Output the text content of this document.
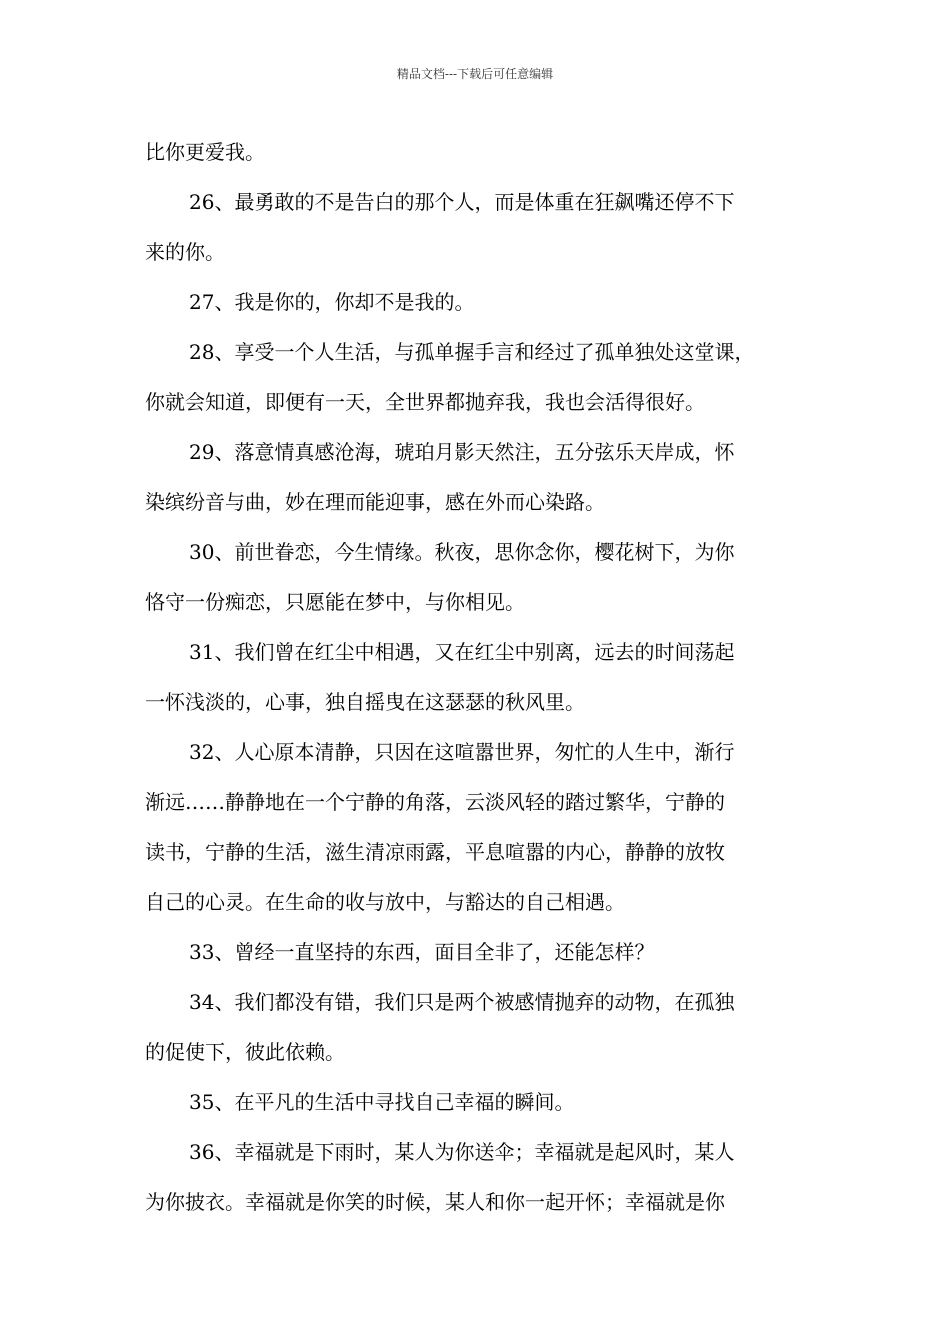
精品文档---下载后可任意编辑
比你更爱我。
26、最勇敢的不是告白的那个人，而是体重在狂飙嘴还停不下
来的你。
27、我是你的，你却不是我的。
28、享受一个人生活，与孤单握手言和经过了孤单独处这堂课，
你就会知道，即便有一天，全世界都抛弃我，我也会活得很好。
29、落意情真感沧海，琥珀月影天然注，五分弦乐天岸成，怀
染缤纷音与曲，妙在理而能迎事，感在外而心染路。
30、前世眷恋，今生情缘。秋夜，思你念你，樱花树下，为你
恪守一份痴恋，只愿能在梦中，与你相见。
31、我们曾在红尘中相遇，又在红尘中别离，远去的时间荡起
一怀浅淡的，心事，独自摇曳在这瑟瑟的秋风里。
32、人心原本清静，只因在这喧嚣世界，匆忙的人生中，渐行
渐远……静静地在一个宁静的角落，云淡风轻的踏过繁华，宁静的
读书，宁静的生活，滋生清凉雨露，平息喧嚣的内心，静静的放牧
自己的心灵。在生命的收与放中，与豁达的自己相遇。
33、曾经一直坚持的东西，面目全非了，还能怎样？
34、我们都没有错，我们只是两个被感情抛弃的动物，在孤独
的促使下，彼此依赖。
35、在平凡的生活中寻找自己幸福的瞬间。
36、幸福就是下雨时，某人为你送伞；幸福就是起风时，某人
为你披衣。幸福就是你笑的时候，某人和你一起开怀；幸福就是你
